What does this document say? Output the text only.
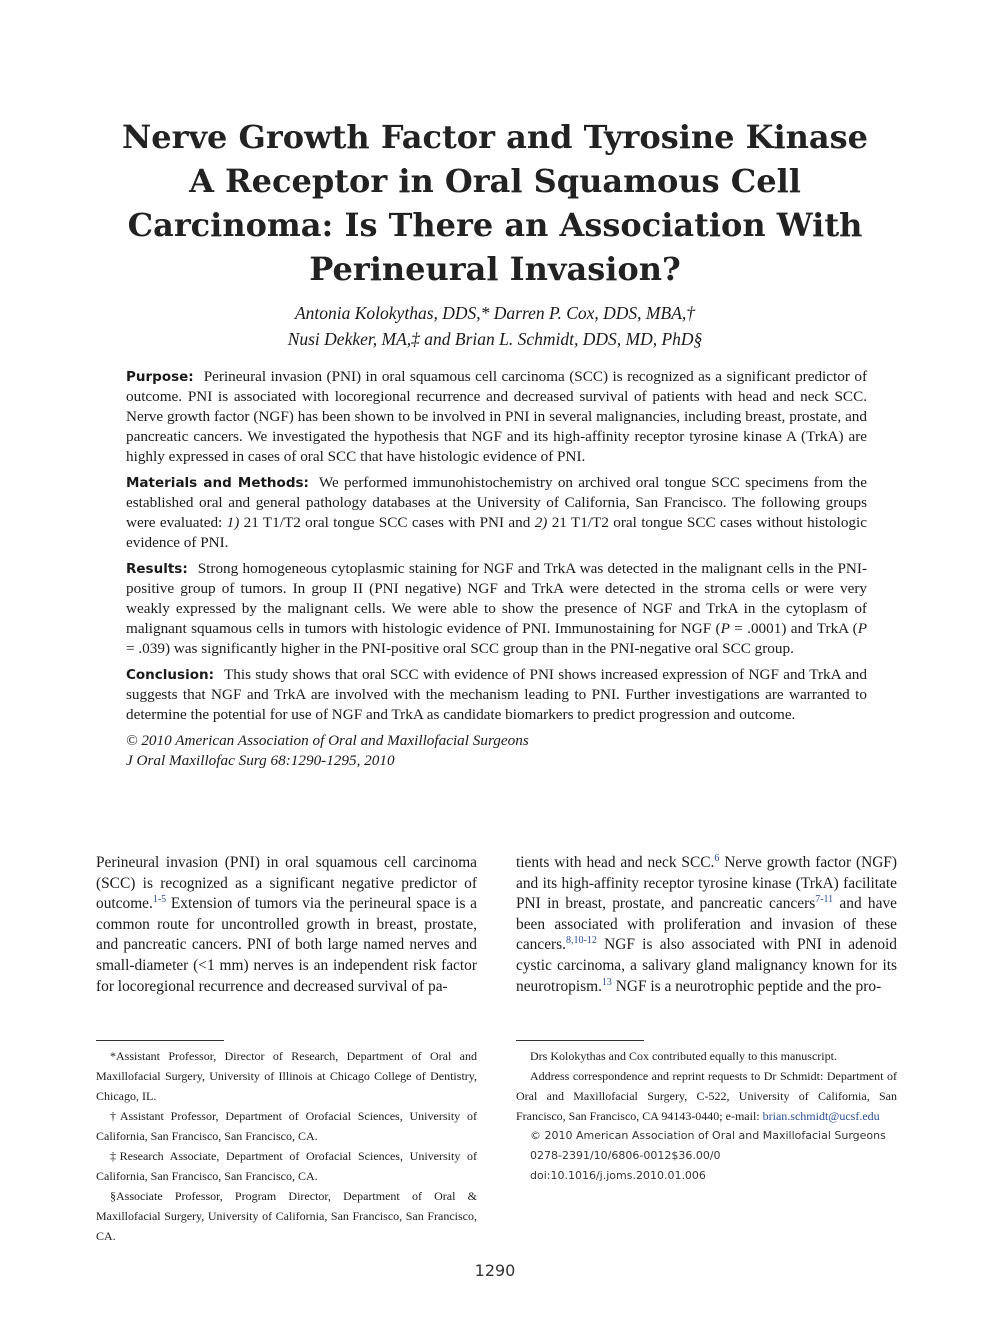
Nerve Growth Factor and Tyrosine Kinase A Receptor in Oral Squamous Cell Carcinoma: Is There an Association With Perineural Invasion?
Antonia Kolokythas, DDS,* Darren P. Cox, DDS, MBA,†
Nusi Dekker, MA,‡ and Brian L. Schmidt, DDS, MD, PhD§

Purpose: Perineural invasion (PNI) in oral squamous cell carcinoma (SCC) is recognized as a significant predictor of outcome. PNI is associated with locoregional recurrence and decreased survival of patients with head and neck SCC. Nerve growth factor (NGF) has been shown to be involved in PNI in several malignancies, including breast, prostate, and pancreatic cancers. We investigated the hypothesis that NGF and its high-affinity receptor tyrosine kinase A (TrkA) are highly expressed in cases of oral SCC that have histologic evidence of PNI.

Materials and Methods: We performed immunohistochemistry on archived oral tongue SCC specimens from the established oral and general pathology databases at the University of California, San Francisco. The following groups were evaluated: 1) 21 T1/T2 oral tongue SCC cases with PNI and 2) 21 T1/T2 oral tongue SCC cases without histologic evidence of PNI.

Results: Strong homogeneous cytoplasmic staining for NGF and TrkA was detected in the malignant cells in the PNI-positive group of tumors. In group II (PNI negative) NGF and TrkA were detected in the stroma cells or were very weakly expressed by the malignant cells. We were able to show the presence of NGF and TrkA in the cytoplasm of malignant squamous cells in tumors with histologic evidence of PNI. Immunostaining for NGF (P = .0001) and TrkA (P = .039) was significantly higher in the PNI-positive oral SCC group than in the PNI-negative oral SCC group.

Conclusion: This study shows that oral SCC with evidence of PNI shows increased expression of NGF and TrkA and suggests that NGF and TrkA are involved with the mechanism leading to PNI. Further investigations are warranted to determine the potential for use of NGF and TrkA as candidate biomarkers to predict progression and outcome.

© 2010 American Association of Oral and Maxillofacial Surgeons

J Oral Maxillofac Surg 68:1290-1295, 2010

Perineural invasion (PNI) in oral squamous cell carcinoma (SCC) is recognized as a significant negative predictor of outcome.$^{1-5}$ Extension of tumors via the perineural space is a common route for uncontrolled growth in breast, prostate, and pancreatic cancers. PNI of both large named nerves and small-diameter (<1 mm) nerves is an independent risk factor for locoregional recurrence and decreased survival of pa-

tients with head and neck SCC.$^6$ Nerve growth factor (NGF) and its high-affinity receptor tyrosine kinase (TrkA) facilitate PNI in breast, prostate, and pancreatic cancers$^{7-11}$ and have been associated with proliferation and invasion of these cancers.$^{8,10-12}$ NGF is also associated with PNI in adenoid cystic carcinoma, a salivary gland malignancy known for its neurotropism.$^{13}$ NGF is a neurotrophic peptide and the pro-

*Assistant Professor, Director of Research, Department of Oral and Maxillofacial Surgery, University of Illinois at Chicago College of Dentistry, Chicago, IL.

†Assistant Professor, Department of Orofacial Sciences, University of California, San Francisco, San Francisco, CA.

‡Research Associate, Department of Orofacial Sciences, University of California, San Francisco, San Francisco, CA.

§Associate Professor, Program Director, Department of Oral & Maxillofacial Surgery, University of California, San Francisco, San Francisco, CA.

Drs Kolokythas and Cox contributed equally to this manuscript.

Address correspondence and reprint requests to Dr Schmidt: Department of Oral and Maxillofacial Surgery, C-522, University of California, San Francisco, San Francisco, CA 94143-0440; e-mail: brian.schmidt@ucsf.edu

© 2010 American Association of Oral and Maxillofacial Surgeons

0278-2391/10/6806-0012$36.00/0

doi:10.1016/j.joms.2010.01.006

1290
